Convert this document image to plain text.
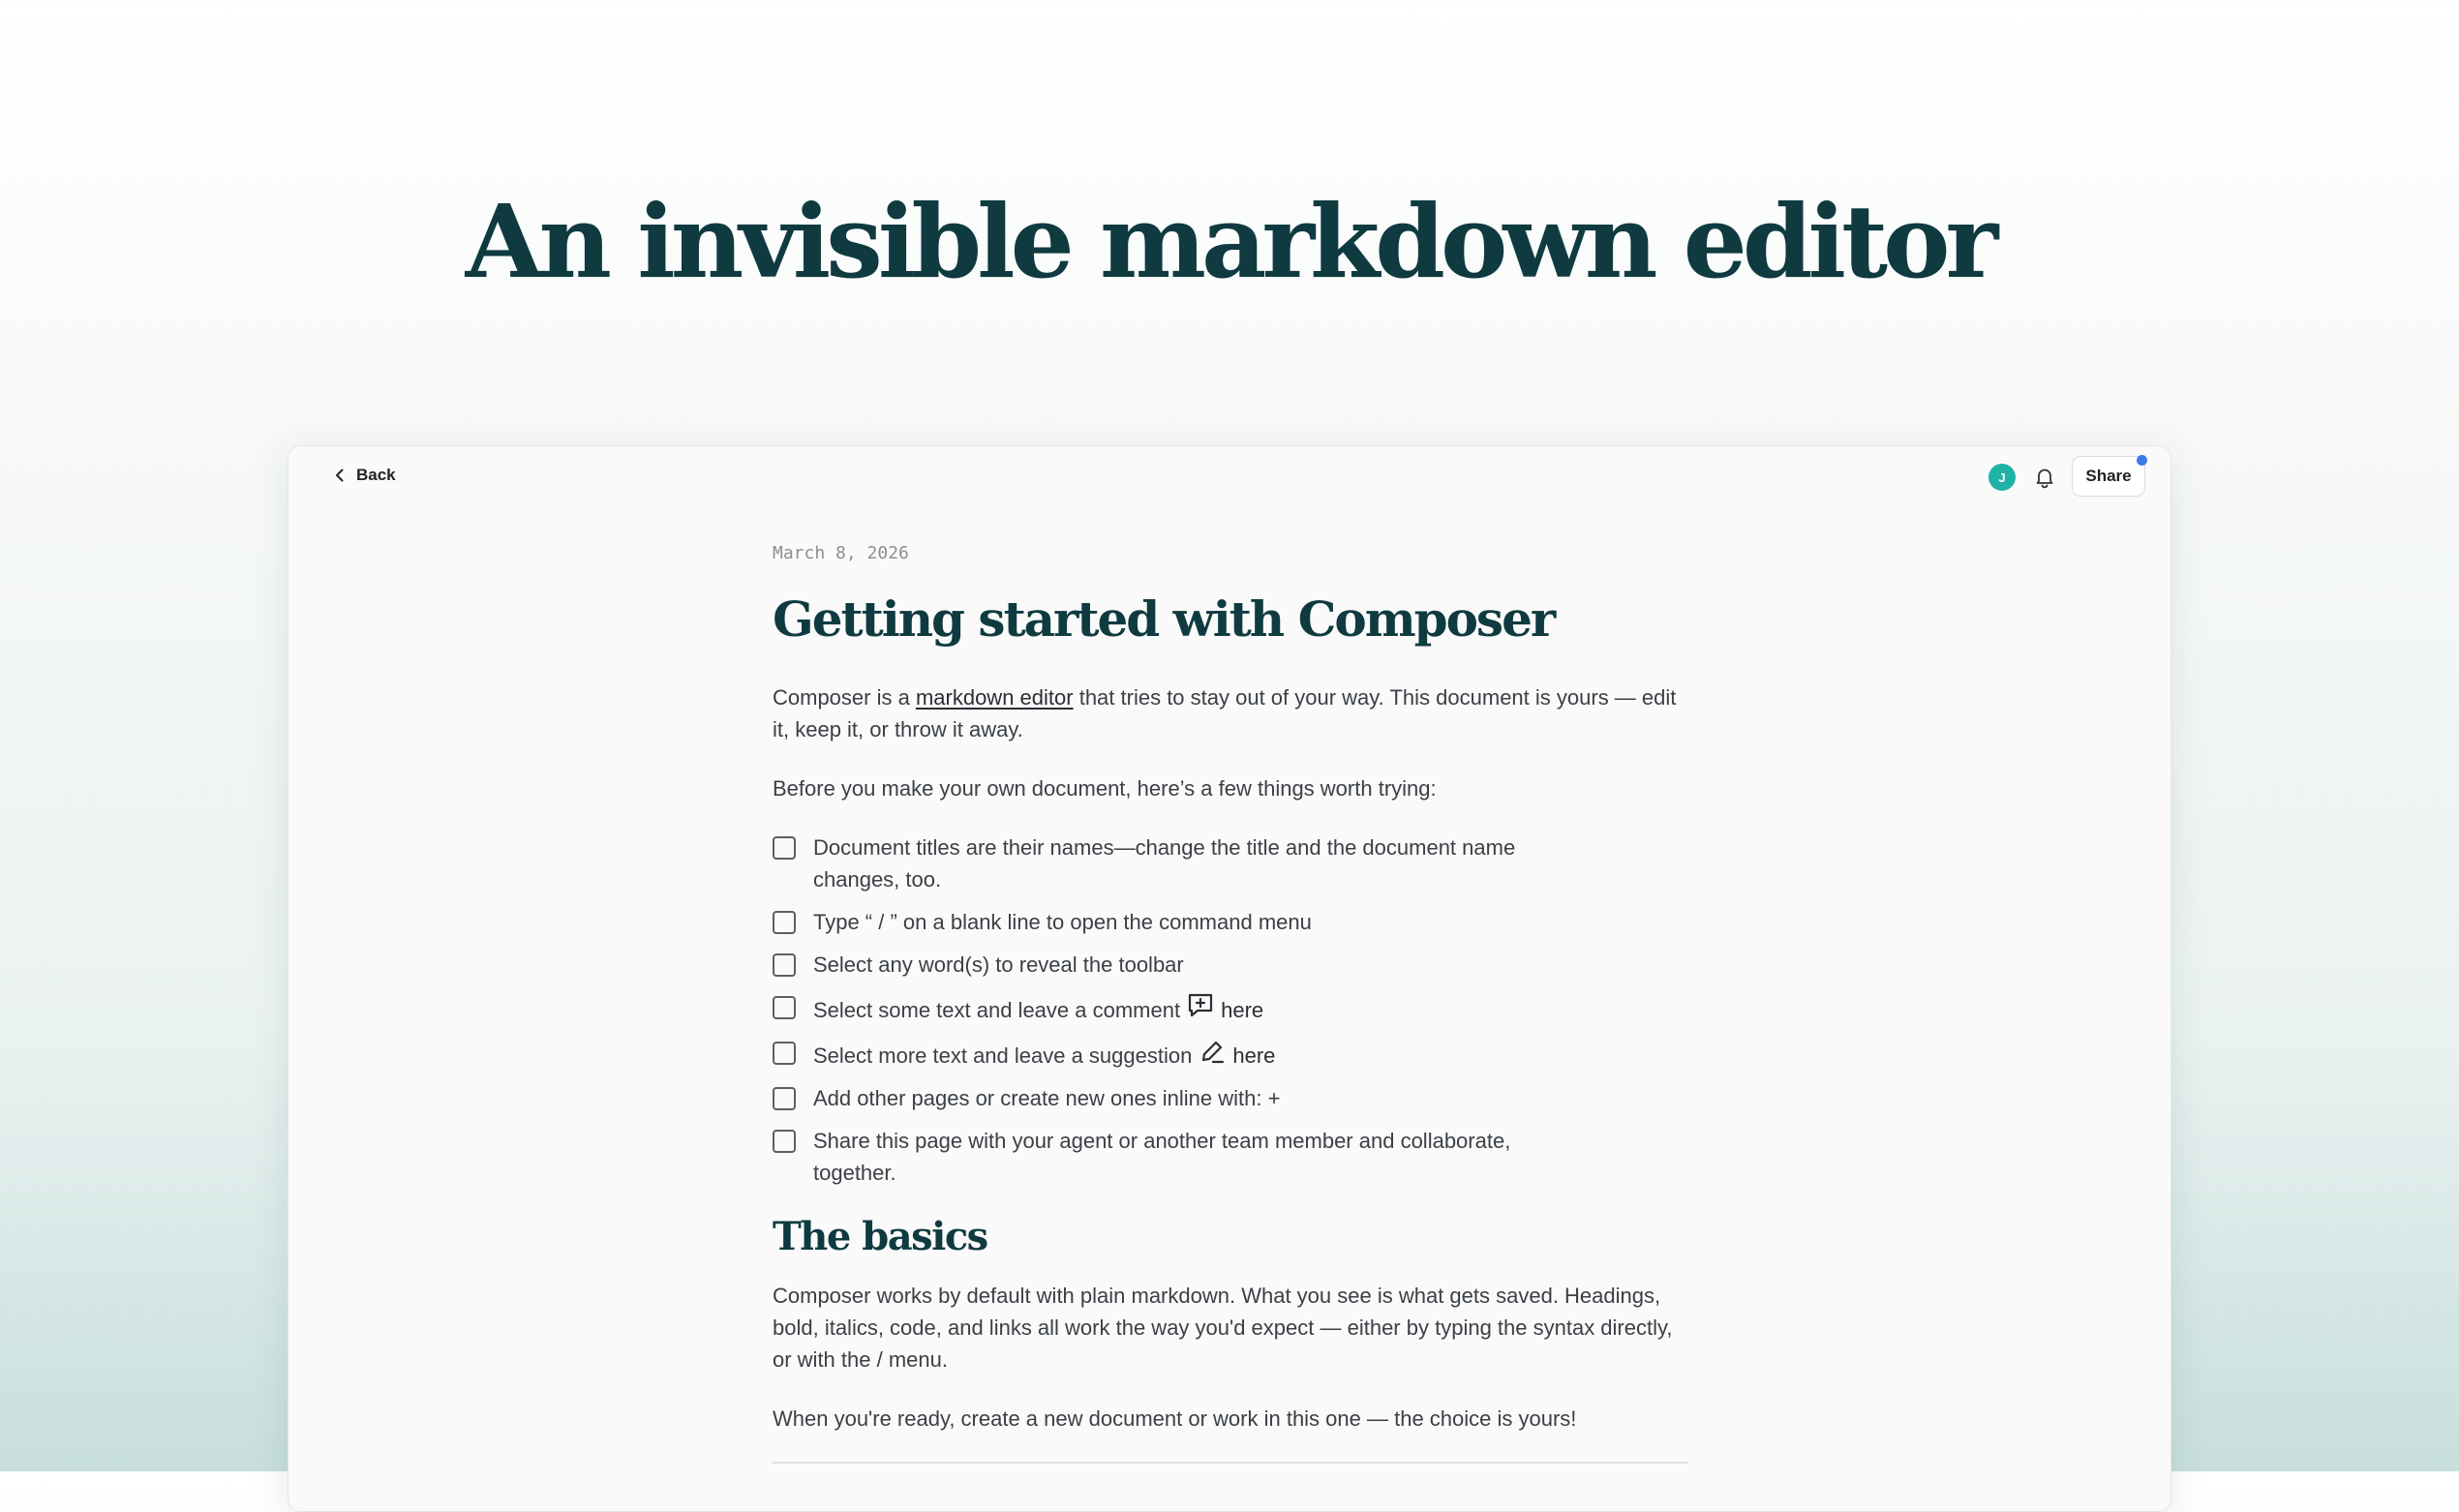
An invisible markdown editor
Back	J	Share

March 8, 2026

Getting started with Composer

Composer is a markdown editor that tries to stay out of your way. This document is yours — edit it, keep it, or throw it away.

Before you make your own document, here’s a few things worth trying:

Document titles are their names—change the title and the document name changes, too.
Type “ / ” on a blank line to open the command menu
Select any word(s) to reveal the toolbar
Select some text and leave a comment here
Select more text and leave a suggestion here
Add other pages or create new ones inline with: +
Share this page with your agent or another team member and collaborate, together.
The basics

Composer works by default with plain markdown. What you see is what gets saved. Headings, bold, italics, code, and links all work the way you'd expect — either by typing the syntax directly, or with the / menu.

When you're ready, create a new document or work in this one — the choice is yours!
